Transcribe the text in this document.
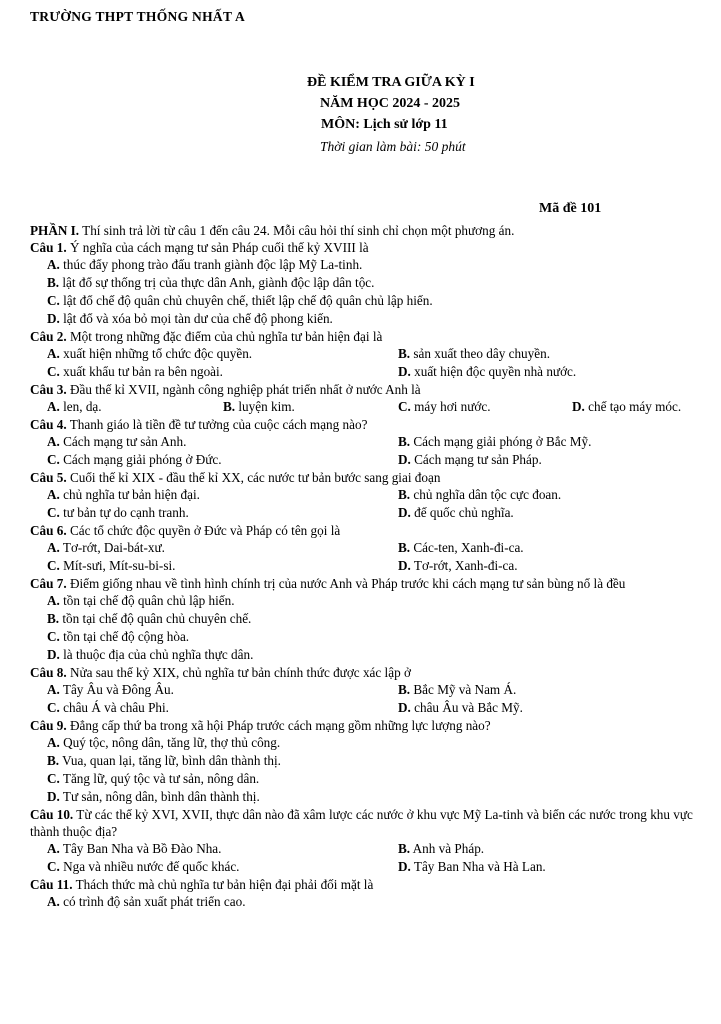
TRƯỜNG THPT THỐNG NHẤT A
ĐỀ KIỂM TRA GIỮA KỲ I
NĂM HỌC 2024 - 2025
MÔN: Lịch sử lớp 11
Thời gian làm bài: 50 phút
Mã đề 101
PHẦN I. Thí sinh trả lời từ câu 1 đến câu 24. Mỗi câu hỏi thí sinh chỉ chọn một phương án.
Câu 1. Ý nghĩa của cách mạng tư sản Pháp cuối thế kỷ XVIII là
A. thúc đẩy phong trào đấu tranh giành độc lập Mỹ La-tinh.
B. lật đổ sự thống trị của thực dân Anh, giành độc lập dân tộc.
C. lật đổ chế độ quân chủ chuyên chế, thiết lập chế độ quân chủ lập hiến.
D. lật đổ và xóa bỏ mọi tàn dư của chế độ phong kiến.
Câu 2. Một trong những đặc điểm của chủ nghĩa tư bản hiện đại là
A. xuất hiện những tổ chức độc quyền.	B. sản xuất theo dây chuyền.
C. xuất khẩu tư bản ra bên ngoài.	D. xuất hiện độc quyền nhà nước.
Câu 3. Đầu thế kỉ XVII, ngành công nghiệp phát triển nhất ở nước Anh là
A. len, dạ.	B. luyện kim.	C. máy hơi nước.	D. chế tạo máy móc.
Câu 4. Thanh giáo là tiền đề tư tưởng của cuộc cách mạng nào?
A. Cách mạng tư sản Anh.	B. Cách mạng giải phóng ở Bắc Mỹ.
C. Cách mạng giải phóng ở Đức.	D. Cách mạng tư sản Pháp.
Câu 5. Cuối thế kỉ XIX - đầu thế kỉ XX, các nước tư bản bước sang giai đoạn
A. chủ nghĩa tư bản hiện đại.	B. chủ nghĩa dân tộc cực đoan.
C. tư bản tự do cạnh tranh.	D. đế quốc chủ nghĩa.
Câu 6. Các tổ chức độc quyền ở Đức và Pháp có tên gọi là
A. Tơ-rớt, Dai-bát-xư.	B. Các-ten, Xanh-đi-ca.
C. Mít-sưi, Mít-su-bi-si.	D. Tơ-rớt, Xanh-đi-ca.
Câu 7. Điểm giống nhau về tình hình chính trị của nước Anh và Pháp trước khi cách mạng tư sản bùng nổ là đều
A. tồn tại chế độ quân chủ lập hiến.
B. tồn tại chế độ quân chủ chuyên chế.
C. tồn tại chế độ cộng hòa.
D. là thuộc địa của chủ nghĩa thực dân.
Câu 8. Nửa sau thế kỷ XIX, chủ nghĩa tư bản chính thức được xác lập ở
A. Tây Âu và Đông Âu.	B. Bắc Mỹ và Nam Á.
C. châu Á và châu Phi.	D. châu Âu và Bắc Mỹ.
Câu 9. Đẳng cấp thứ ba trong xã hội Pháp trước cách mạng gồm những lực lượng nào?
A. Quý tộc, nông dân, tăng lữ, thợ thủ công.
B. Vua, quan lại, tăng lữ, bình dân thành thị.
C. Tăng lữ, quý tộc và tư sản, nông dân.
D. Tư sản, nông dân, bình dân thành thị.
Câu 10. Từ các thế kỷ XVI, XVII, thực dân nào đã xâm lược các nước ở khu vực Mỹ La-tinh và biến các nước trong khu vực thành thuộc địa?
A. Tây Ban Nha và Bồ Đào Nha.	B. Anh và Pháp.
C. Nga và nhiều nước đế quốc khác.	D. Tây Ban Nha và Hà Lan.
Câu 11. Thách thức mà chủ nghĩa tư bản hiện đại phải đối mặt là
A. có trình độ sản xuất phát triển cao.
